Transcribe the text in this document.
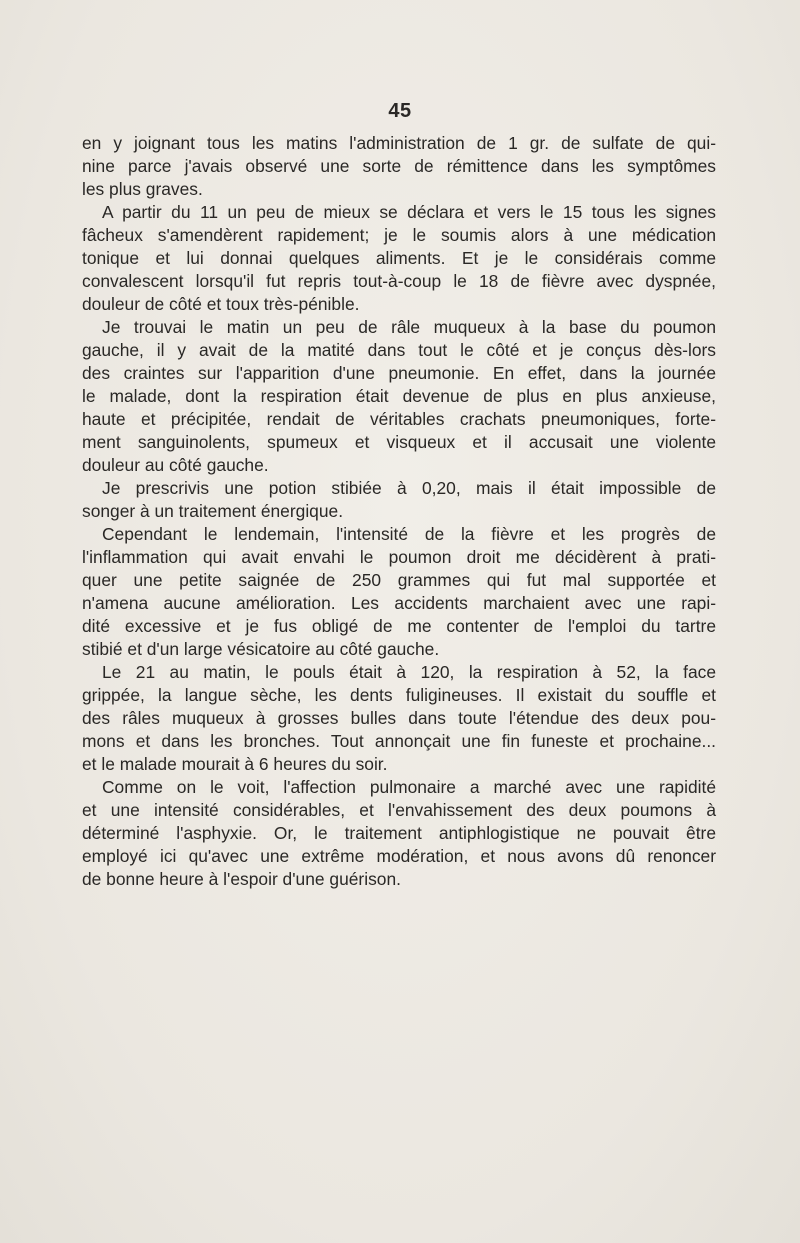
45
en y joignant tous les matins l'administration de 1 gr. de sulfate de qui-
nine parce j'avais observé une sorte de rémittence dans les symptômes
les plus graves.
A partir du 11 un peu de mieux se déclara et vers le 15 tous les signes
fâcheux s'amendèrent rapidement; je le soumis alors à une médication
tonique et lui donnai quelques aliments. Et je le considérais comme
convalescent lorsqu'il fut repris tout-à-coup le 18 de fièvre avec dyspnée,
douleur de côté et toux très-pénible.
Je trouvai le matin un peu de râle muqueux à la base du poumon
gauche, il y avait de la matité dans tout le côté et je conçus dès-lors
des craintes sur l'apparition d'une pneumonie. En effet, dans la journée
le malade, dont la respiration était devenue de plus en plus anxieuse,
haute et précipitée, rendait de véritables crachats pneumoniques, forte-
ment sanguinolents, spumeux et visqueux et il accusait une violente
douleur au côté gauche.
Je prescrivis une potion stibiée à 0,20, mais il était impossible de
songer à un traitement énergique.
Cependant le lendemain, l'intensité de la fièvre et les progrès de
l'inflammation qui avait envahi le poumon droit me décidèrent à prati-
quer une petite saignée de 250 grammes qui fut mal supportée et
n'amena aucune amélioration. Les accidents marchaient avec une rapi-
dité excessive et je fus obligé de me contenter de l'emploi du tartre
stibié et d'un large vésicatoire au côté gauche.
Le 21 au matin, le pouls était à 120, la respiration à 52, la face
grippée, la langue sèche, les dents fuligineuses. Il existait du souffle et
des râles muqueux à grosses bulles dans toute l'étendue des deux pou-
mons et dans les bronches. Tout annonçait une fin funeste et prochaine...
et le malade mourait à 6 heures du soir.
Comme on le voit, l'affection pulmonaire a marché avec une rapidité
et une intensité considérables, et l'envahissement des deux poumons à
déterminé l'asphyxie. Or, le traitement antiphlogistique ne pouvait être
employé ici qu'avec une extrême modération, et nous avons dû renoncer
de bonne heure à l'espoir d'une guérison.
